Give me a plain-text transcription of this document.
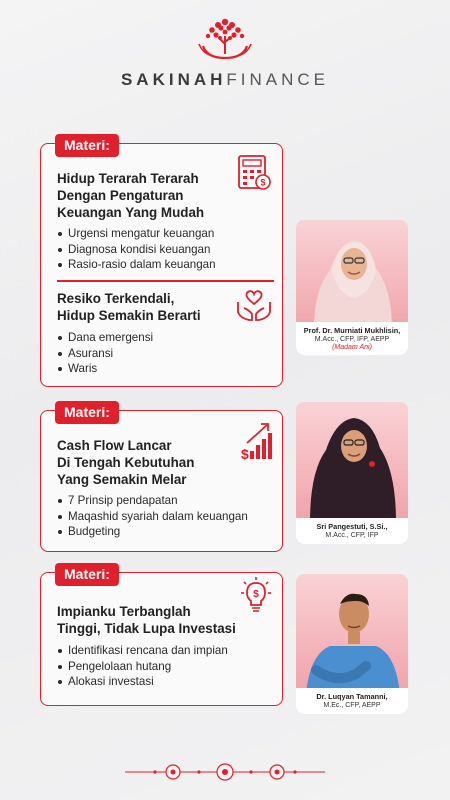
SAKINAHFINANCE
Materi:
Hidup Terarah Terarah
Dengan Pengaturan
Keuangan Yang Mudah
$
Urgensi mengatur keuangan
Diagnosa kondisi keuangan
Rasio-rasio dalam keuangan
Resiko Terkendali,
Hidup Semakin Berarti
Dana emergensi
Asuransi
Waris
Prof. Dr. Murniati Mukhlisin,
M.Acc., CFP, IFP, AEPP
(Madam Ani)
Materi:
Cash Flow Lancar
Di Tengah Kebutuhan
Yang Semakin Melar
$
7 Prinsip pendapatan
Maqashid syariah dalam keuangan
Budgeting	Sri Pangestuti, S.Si.,
M.Acc., CFP, IFP
Materi:
Impianku Terbanglah
Tinggi, Tidak Lupa Investasi
$
Identifikasi rencana dan impian
Pengelolaan hutang
Alokasi investasi
Dr. Luqyan Tamanni,
M.Ec., CFP, AEPP
